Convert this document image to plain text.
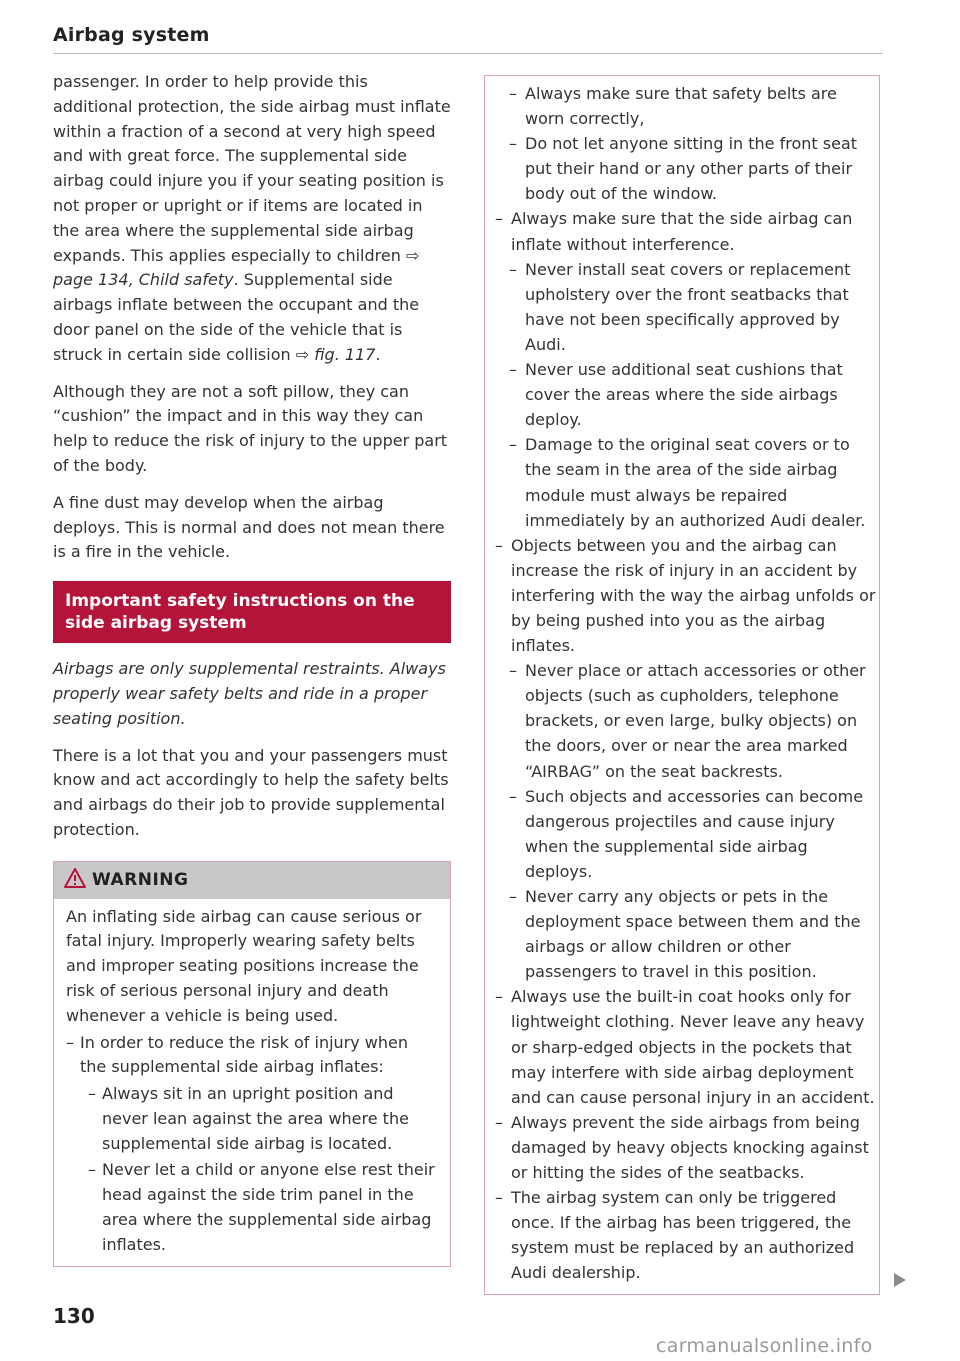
Airbag system

passenger. In order to help provide this additional protection, the side airbag must inflate within a fraction of a second at very high speed and with great force. The supplemental side airbag could injure you if your seating position is not proper or upright or if items are located in the area where the supplemental side airbag expands. This applies especially to children ⇨ page 134, Child safety. Supplemental side airbags inflate between the occupant and the door panel on the side of the vehicle that is struck in certain side collision ⇨ fig. 117.

Although they are not a soft pillow, they can “cushion” the impact and in this way they can help to reduce the risk of injury to the upper part of the body.

A fine dust may develop when the airbag deploys. This is normal and does not mean there is a fire in the vehicle.

Important safety instructions on the side airbag system

Airbags are only supplemental restraints. Always properly wear safety belts and ride in a proper seating position.

There is a lot that you and your passengers must know and act accordingly to help the safety belts and airbags do their job to provide supplemental protection.

WARNING

An inflating side airbag can cause serious or fatal injury. Improperly wearing safety belts and improper seating positions increase the risk of serious personal injury and death whenever a vehicle is being used.

– In order to reduce the risk of injury when the supplemental side airbag inflates:

– Always sit in an upright position and never lean against the area where the supplemental side airbag is located.

– Never let a child or anyone else rest their head against the side trim panel in the area where the supplemental side airbag inflates.

– Always make sure that safety belts are worn correctly,

– Do not let anyone sitting in the front seat put their hand or any other parts of their body out of the window.

– Always make sure that the side airbag can inflate without interference.

– Never install seat covers or replacement upholstery over the front seatbacks that have not been specifically approved by Audi.

– Never use additional seat cushions that cover the areas where the side airbags deploy.

– Damage to the original seat covers or to the seam in the area of the side airbag module must always be repaired immediately by an authorized Audi dealer.

– Objects between you and the airbag can increase the risk of injury in an accident by interfering with the way the airbag unfolds or by being pushed into you as the airbag inflates.

– Never place or attach accessories or other objects (such as cupholders, telephone brackets, or even large, bulky objects) on the doors, over or near the area marked “AIRBAG” on the seat backrests.

– Such objects and accessories can become dangerous projectiles and cause injury when the supplemental side airbag deploys.

– Never carry any objects or pets in the deployment space between them and the airbags or allow children or other passengers to travel in this position.

– Always use the built-in coat hooks only for lightweight clothing. Never leave any heavy or sharp-edged objects in the pockets that may interfere with side airbag deployment and can cause personal injury in an accident.

– Always prevent the side airbags from being damaged by heavy objects knocking against or hitting the sides of the seatbacks.

– The airbag system can only be triggered once. If the airbag has been triggered, the system must be replaced by an authorized Audi dealership.

130
carmanualsonline.info
